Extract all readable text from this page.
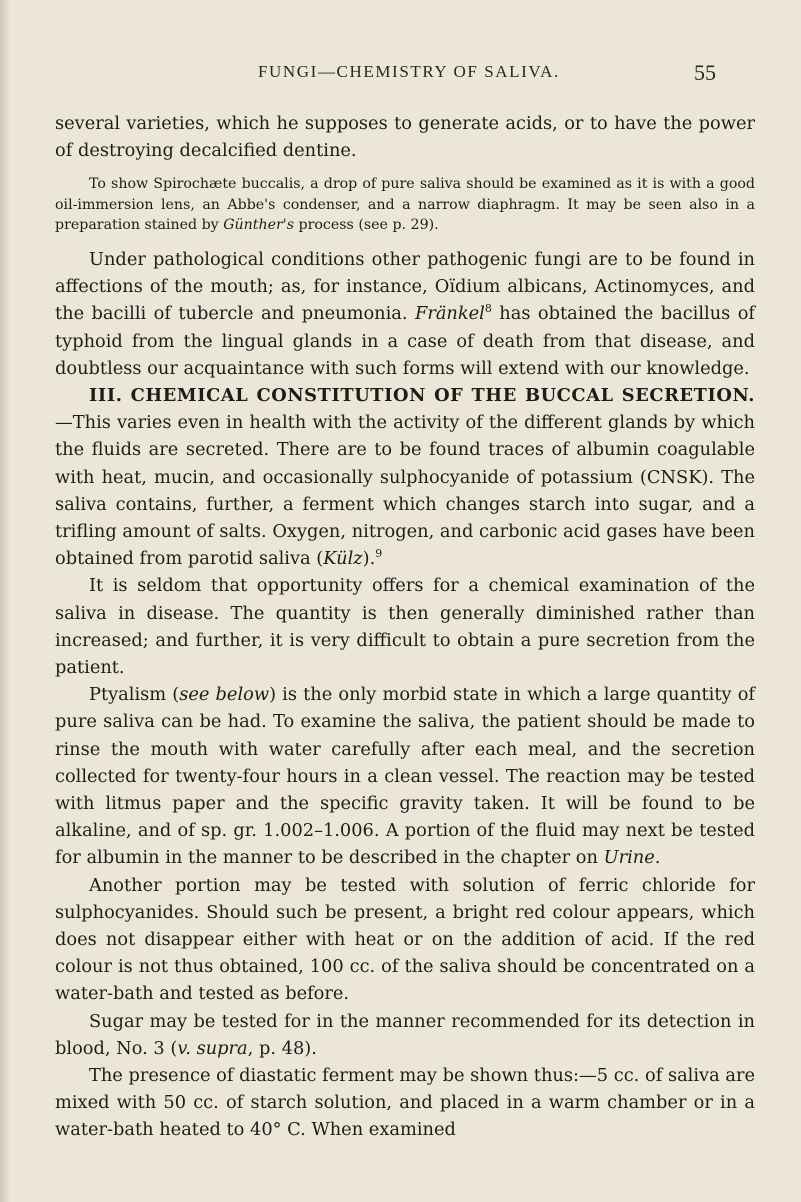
FUNGI—CHEMISTRY OF SALIVA.	55

several varieties, which he supposes to generate acids, or to have the power of destroying decalcified dentine.

To show Spirochæte buccalis, a drop of pure saliva should be examined as it is with a good oil-immersion lens, an Abbe's condenser, and a narrow diaphragm. It may be seen also in a preparation stained by Günther's process (see p. 29).

Under pathological conditions other pathogenic fungi are to be found in affections of the mouth; as, for instance, Oïdium albicans, Actinomyces, and the bacilli of tubercle and pneumonia. Fränkel$^8$ has obtained the bacillus of typhoid from the lingual glands in a case of death from that disease, and doubtless our acquaintance with such forms will extend with our knowledge.

III. CHEMICAL CONSTITUTION OF THE BUCCAL SECRETION.—This varies even in health with the activity of the different glands by which the fluids are secreted. There are to be found traces of albumin coagulable with heat, mucin, and occasionally sulphocyanide of potassium (CNSK). The saliva contains, further, a ferment which changes starch into sugar, and a trifling amount of salts. Oxygen, nitrogen, and carbonic acid gases have been obtained from parotid saliva (Külz).$^9$

It is seldom that opportunity offers for a chemical examination of the saliva in disease. The quantity is then generally diminished rather than increased; and further, it is very difficult to obtain a pure secretion from the patient.

Ptyalism (see below) is the only morbid state in which a large quantity of pure saliva can be had. To examine the saliva, the patient should be made to rinse the mouth with water carefully after each meal, and the secretion collected for twenty-four hours in a clean vessel. The reaction may be tested with litmus paper and the specific gravity taken. It will be found to be alkaline, and of sp. gr. 1.002–1.006. A portion of the fluid may next be tested for albumin in the manner to be described in the chapter on Urine.

Another portion may be tested with solution of ferric chloride for sulphocyanides. Should such be present, a bright red colour appears, which does not disappear either with heat or on the addition of acid. If the red colour is not thus obtained, 100 cc. of the saliva should be concentrated on a water-bath and tested as before.

Sugar may be tested for in the manner recommended for its detection in blood, No. 3 (v. supra, p. 48).

The presence of diastatic ferment may be shown thus:—5 cc. of saliva are mixed with 50 cc. of starch solution, and placed in a warm chamber or in a water-bath heated to 40° C. When examined
